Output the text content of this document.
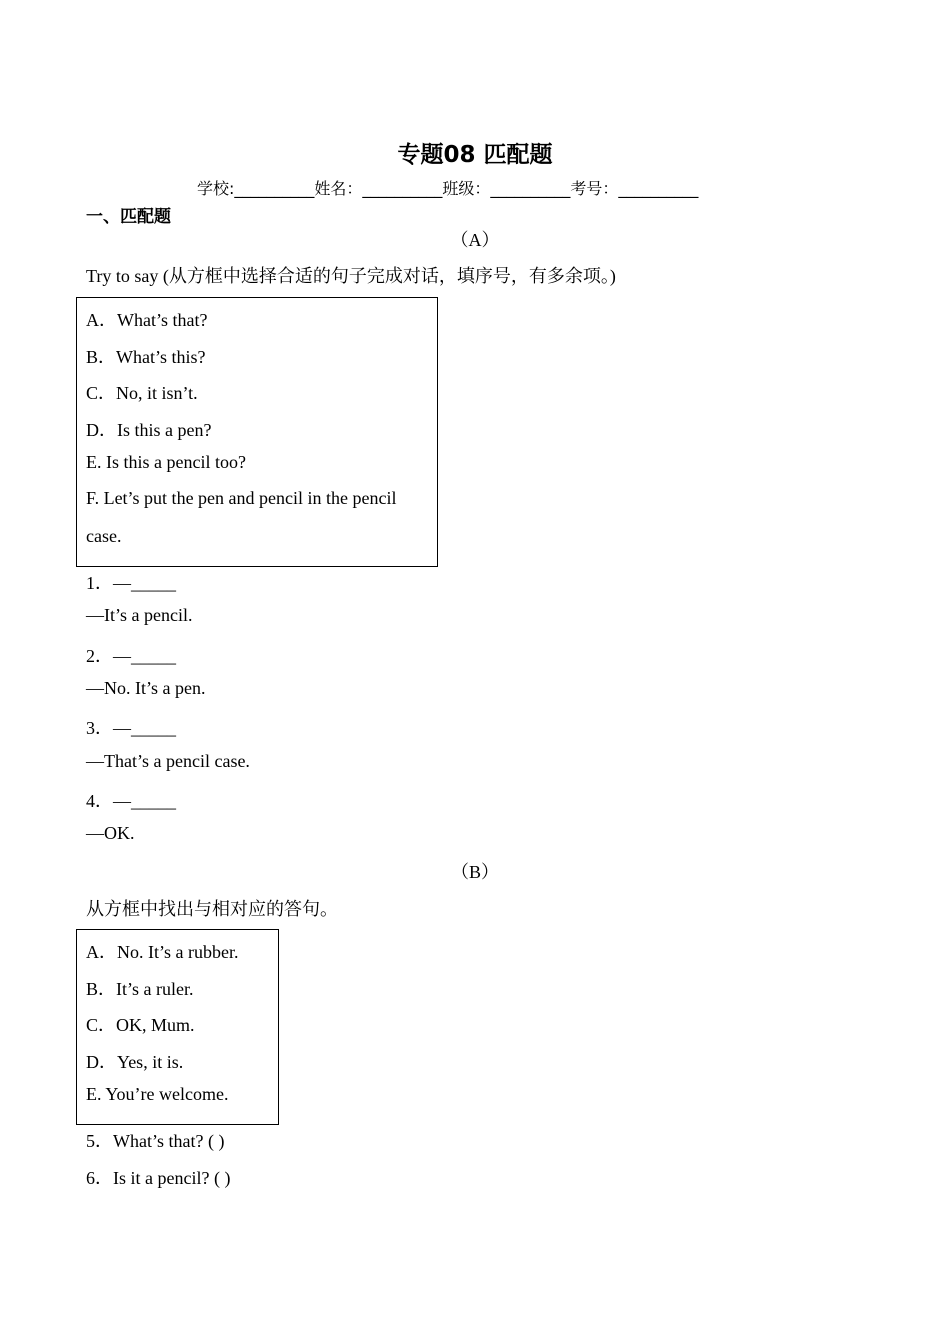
专题08 匹配题
学校:__________姓名：__________班级：__________考号：__________
一、匹配题
（A）
Try to say (从方框中选择合适的句子完成对话，填序号，有多余项。)
（B）
从方框中找出与相对应的答句。
A．What’s that?
B．What’s this?
C．No, it isn’t.
D．Is this a pen?
E. Is this a pencil too?
F. Let’s put the pen and pencil in the pencil
case.
1．—_____
—It’s a pencil.
2．—_____
—No. It’s a pen.
3．—_____
—That’s a pencil case.
4．—_____
—OK.
A．No. It’s a rubber.
B．It’s a ruler.
C．OK, Mum.
D．Yes, it is.
E. You’re welcome.
5．What’s that? ( )
6．Is it a pencil? ( )
